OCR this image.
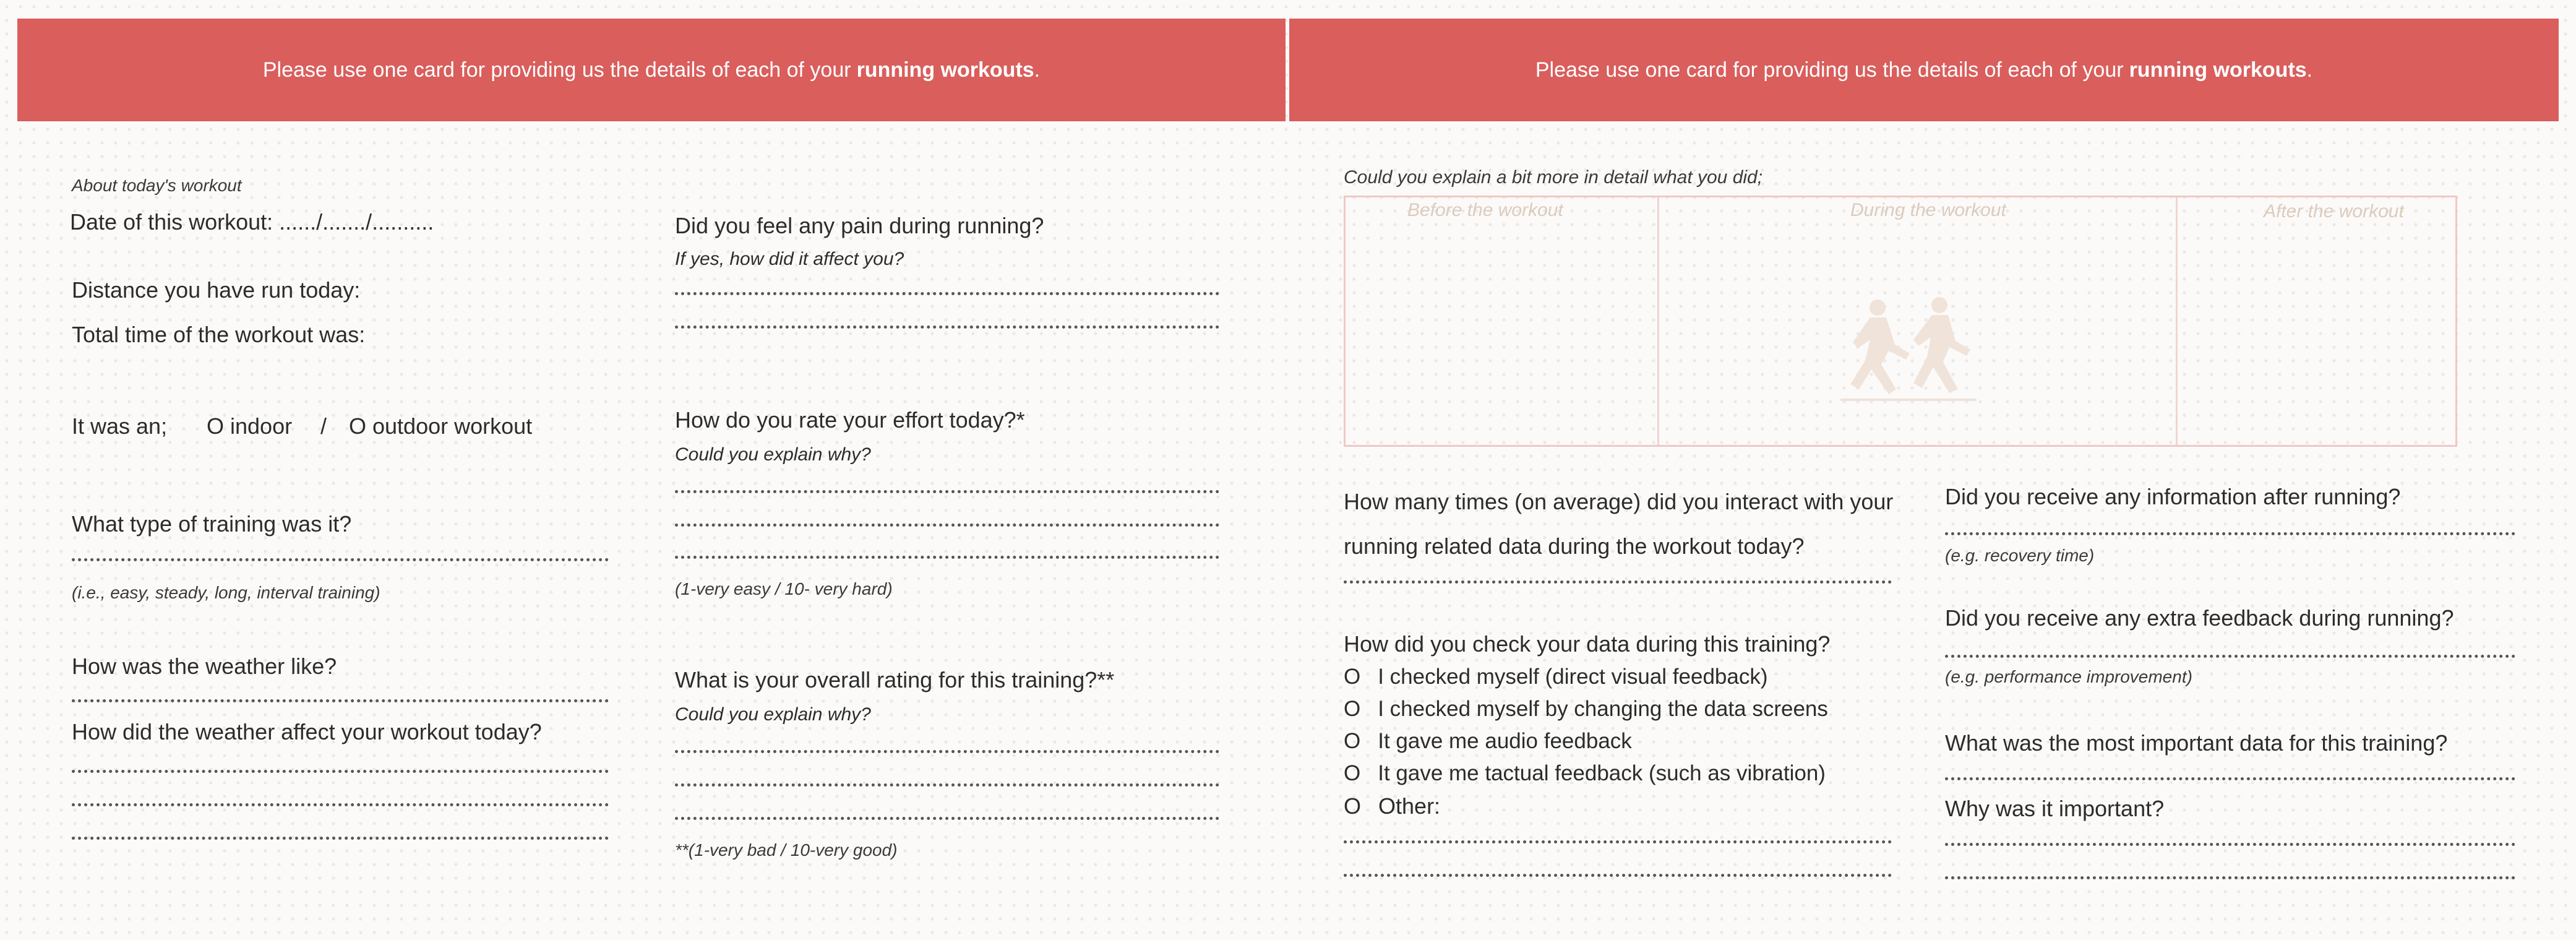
Please use one card for providing us the details of each of your running workouts .
About today's workout
Date of this workout: ....../......./..........
Distance you have run today:
Total time of the workout was:
It was an; O indoor / O outdoor workout
What type of training was it?
(i.e., easy, steady, long, interval training)
How was the weather like?
How did the weather affect your workout today?
Did you feel any pain during running?
If yes, how did it affect you?
How do you rate your effort today?*
Could you explain why?
(1-very easy / 10- very hard)
What is your overall rating for this training?**
Could you explain why?
**(1-very bad / 10-very good)
Please use one card for providing us the details of each of your running workouts .
Could you explain a bit more in detail what you did;
Before the workout	During the workout	After the workout
How many times (on average) did you interact with your
running related data during the workout today?
How did you check your data during this training?
O I checked myself (direct visual feedback)
O I checked myself by changing the data screens
O It gave me audio feedback
O It gave me tactual feedback (such as vibration)
O Other:
Did you receive any information after running?
(e.g. recovery time)
Did you receive any extra feedback during running?
(e.g. performance improvement)
What was the most important data for this training?
Why was it important?
